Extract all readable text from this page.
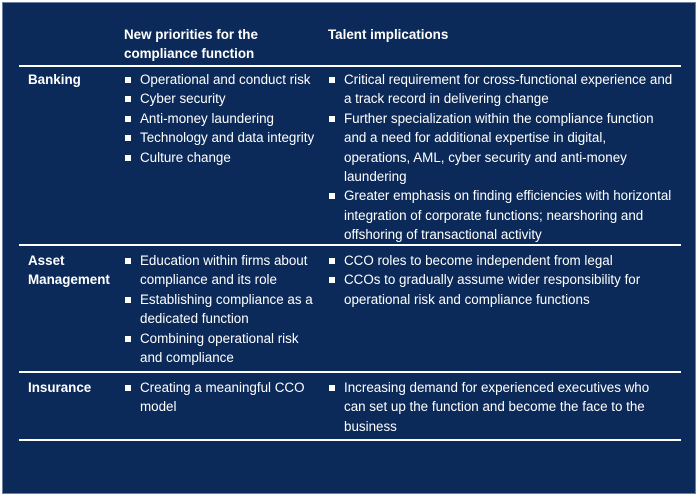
New priorities for the compliance function
Talent implications
Banking	Operational and conduct risk
Cyber security
Anti-money laundering
Technology and data integrity
Culture change
Critical requirement for cross-functional experience and a track record in delivering change
Further specialization within the compliance function and a need for additional expertise in digital, operations, AML, cyber security and anti-money laundering
Greater emphasis on finding efficiencies with horizontal integration of corporate functions; nearshoring and offshoring of transactional activity
Asset Management
Education within firms about compliance and its role
Establishing compliance as a dedicated function
Combining operational risk and compliance
CCO roles to become independent from legal
CCOs to gradually assume wider responsibility for operational risk and compliance functions
Insurance	Creating a meaningful CCO model
Increasing demand for experienced executives who can set up the function and become the face to the business
